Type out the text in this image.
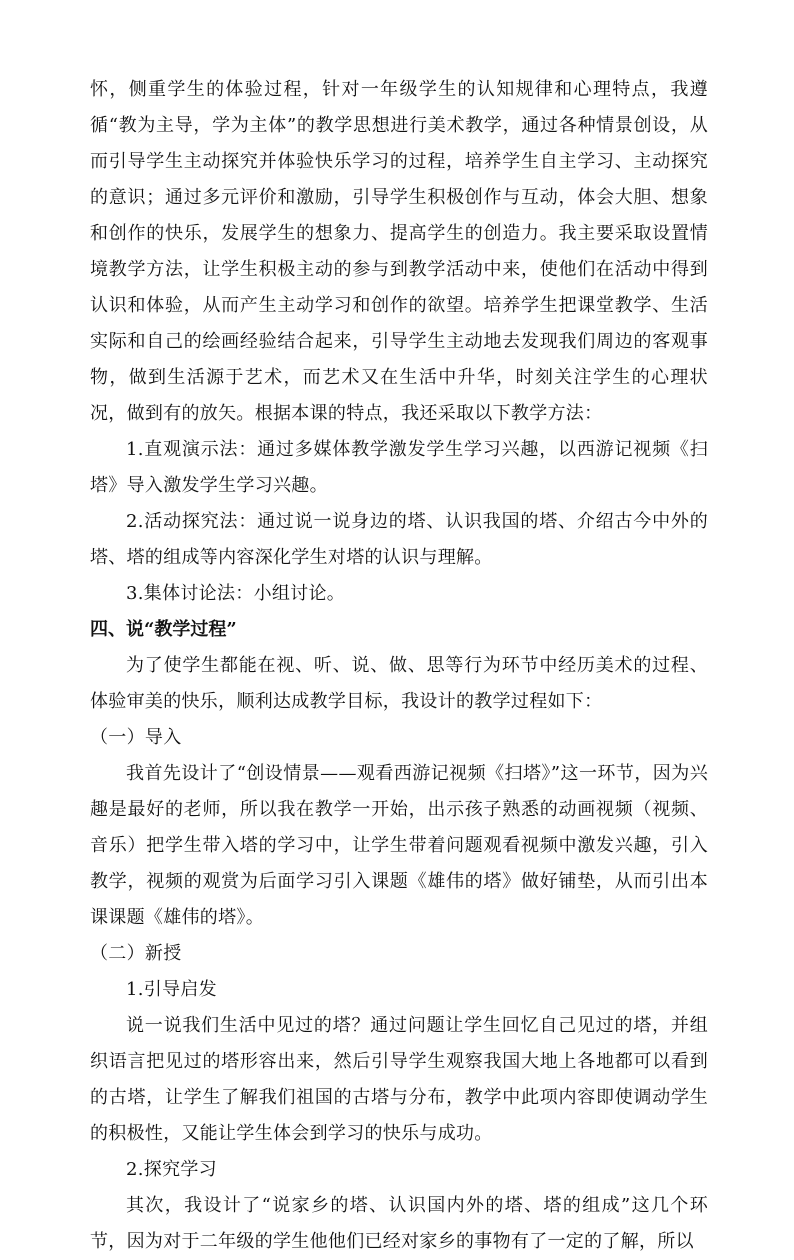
怀，侧重学生的体验过程，针对一年级学生的认知规律和心理特点，我遵循“教为主导，学为主体”的教学思想进行美术教学，通过各种情景创设，从而引导学生主动探究并体验快乐学习的过程，培养学生自主学习、主动探究的意识；通过多元评价和激励，引导学生积极创作与互动，体会大胆、想象和创作的快乐，发展学生的想象力、提高学生的创造力。我主要采取设置情境教学方法，让学生积极主动的参与到教学活动中来，使他们在活动中得到认识和体验，从而产生主动学习和创作的欲望。培养学生把课堂教学、生活实际和自己的绘画经验结合起来，引导学生主动地去发现我们周边的客观事物，做到生活源于艺术，而艺术又在生活中升华，时刻关注学生的心理状况，做到有的放矢。根据本课的特点，我还采取以下教学方法：

1.直观演示法：通过多媒体教学激发学生学习兴趣，以西游记视频《扫塔》导入激发学生学习兴趣。

2.活动探究法：通过说一说身边的塔、认识我国的塔、介绍古今中外的塔、塔的组成等内容深化学生对塔的认识与理解。

3.集体讨论法：小组讨论。

四、说“教学过程”

为了使学生都能在视、听、说、做、思等行为环节中经历美术的过程、体验审美的快乐，顺利达成教学目标，我设计的教学过程如下：

（一）导入

我首先设计了“创设情景——观看西游记视频《扫塔》”这一环节，因为兴趣是最好的老师，所以我在教学一开始，出示孩子熟悉的动画视频（视频、音乐）把学生带入塔的学习中，让学生带着问题观看视频中激发兴趣，引入教学，视频的观赏为后面学习引入课题《雄伟的塔》做好铺垫，从而引出本课课题《雄伟的塔》。

（二）新授

1.引导启发

说一说我们生活中见过的塔？通过问题让学生回忆自己见过的塔，并组织语言把见过的塔形容出来，然后引导学生观察我国大地上各地都可以看到的古塔，让学生了解我们祖国的古塔与分布，教学中此项内容即使调动学生的积极性，又能让学生体会到学习的快乐与成功。

2.探究学习

其次，我设计了“说家乡的塔、认识国内外的塔、塔的组成”这几个环节，因为对于二年级的学生他他们已经对家乡的事物有了一定的了解，所以
